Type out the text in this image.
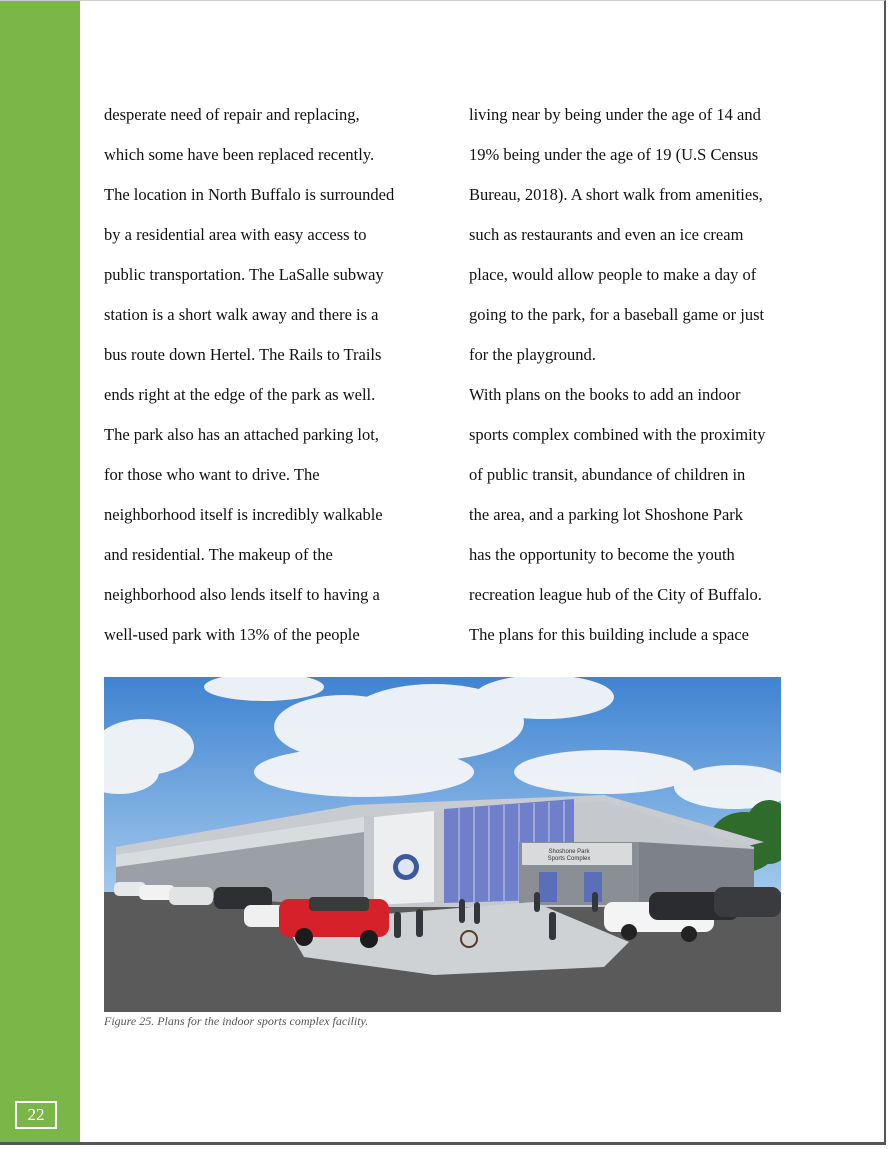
22
desperate need of repair and replacing,
which some have been replaced recently.
The location in North Buffalo is surrounded
by a residential area with easy access to
public transportation. The LaSalle subway
station is a short walk away and there is a
bus route down Hertel. The Rails to Trails
ends right at the edge of the park as well.
The park also has an attached parking lot,
for those who want to drive. The
neighborhood itself is incredibly walkable
and residential. The makeup of the
neighborhood also lends itself to having a
well-used park with 13% of the people
living near by being under the age of 14 and
19% being under the age of 19 (U.S Census
Bureau, 2018). A short walk from amenities,
such as restaurants and even an ice cream
place, would allow people to make a day of
going to the park, for a baseball game or just
for the playground.
With plans on the books to add an indoor
sports complex combined with the proximity
of public transit, abundance of children in
the area, and a parking lot Shoshone Park
has the opportunity to become the youth
recreation league hub of the City of Buffalo.
The plans for this building include a space
Shoshone Park
Sports Complex
Figure 25. Plans for the indoor sports complex facility.
